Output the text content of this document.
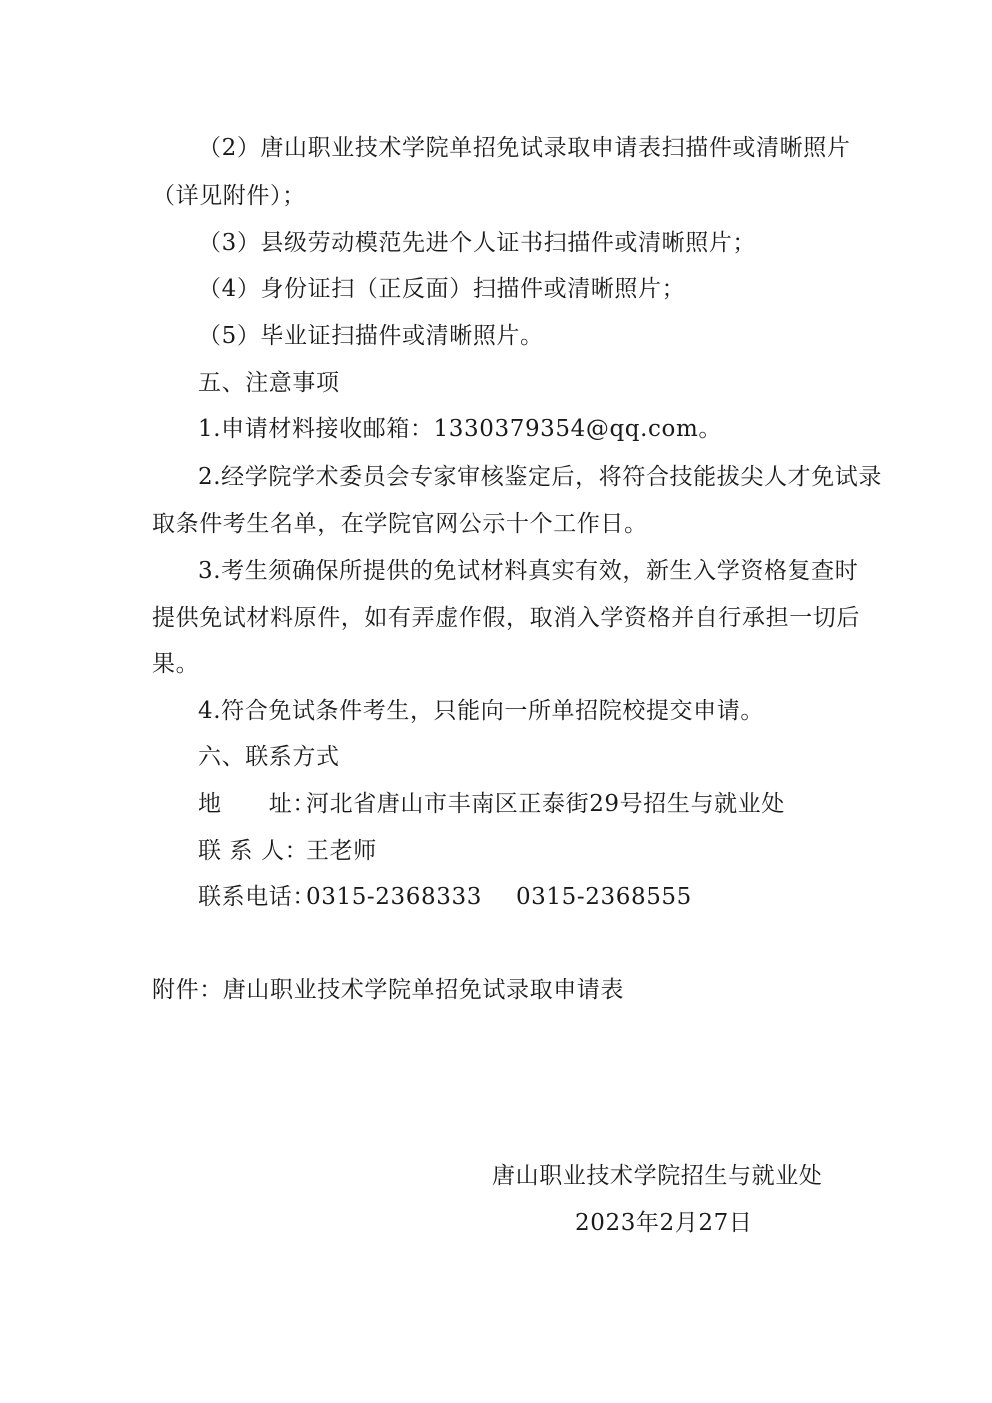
（2）唐山职业技术学院单招免试录取申请表扫描件或清晰照片
（详见附件）；
（3）县级劳动模范先进个人证书扫描件或清晰照片；
（4）身份证扫（正反面）扫描件或清晰照片；
（5）毕业证扫描件或清晰照片。
五、注意事项
1.申请材料接收邮箱：1330379354@qq.com。
2.经学院学术委员会专家审核鉴定后，将符合技能拔尖人才免试录
取条件考生名单，在学院官网公示十个工作日。
3.考生须确保所提供的免试材料真实有效，新生入学资格复查时
提供免试材料原件，如有弄虚作假，取消入学资格并自行承担一切后
果。
4.符合免试条件考生，只能向一所单招院校提交申请。
六、联系方式
地　　址：河北省唐山市丰南区正泰街29号招生与就业处
联 系 人：王老师
联系电话：0315-2368333 0315-2368555
附件：唐山职业技术学院单招免试录取申请表
唐山职业技术学院招生与就业处
2023年2月27日
